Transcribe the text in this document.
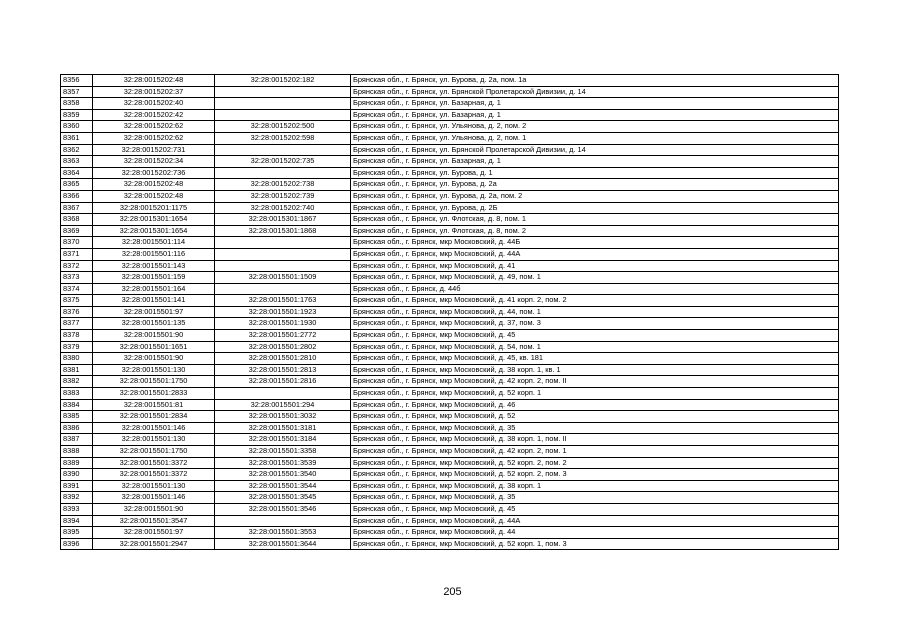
8356	32:28:0015202:48	32:28:0015202:182	Брянская обл., г. Брянск, ул. Бурова, д. 2а, пом. 1а
8357	32:28:0015202:37		Брянская обл., г. Брянск, ул. Брянской Пролетарской Дивизии, д. 14
8358	32:28:0015202:40		Брянская обл., г. Брянск, ул. Базарная, д. 1
8359	32:28:0015202:42		Брянская обл., г. Брянск, ул. Базарная, д. 1
8360	32:28:0015202:62	32:28:0015202:500	Брянская обл., г. Брянск, ул. Ульянова, д. 2, пом. 2
8361	32:28:0015202:62	32:28:0015202:598	Брянская обл., г. Брянск, ул. Ульянова, д. 2, пом. 1
8362	32:28:0015202:731		Брянская обл., г. Брянск, ул. Брянской Пролетарской Дивизии, д. 14
8363	32:28:0015202:34	32:28:0015202:735	Брянская обл., г. Брянск, ул. Базарная, д. 1
8364	32:28:0015202:736		Брянская обл., г. Брянск, ул. Бурова, д. 1
8365	32:28:0015202:48	32:28:0015202:738	Брянская обл., г. Брянск, ул. Бурова, д. 2а
8366	32:28:0015202:48	32:28:0015202:739	Брянская обл., г. Брянск, ул. Бурова, д. 2а, пом. 2
8367	32:28:0015201:1175	32:28:0015202:740	Брянская обл., г. Брянск, ул. Бурова, д. 2Б
8368	32:28:0015301:1654	32:28:0015301:1867	Брянская обл., г. Брянск, ул. Флотская, д. 8, пом. 1
8369	32:28:0015301:1654	32:28:0015301:1868	Брянская обл., г. Брянск, ул. Флотская, д. 8, пом. 2
8370	32:28:0015501:114		Брянская обл., г. Брянск, мкр Московский, д. 44Б
8371	32:28:0015501:116		Брянская обл., г. Брянск, мкр Московский, д. 44А
8372	32:28:0015501:143		Брянская обл., г. Брянск, мкр Московский, д. 41
8373	32:28:0015501:159	32:28:0015501:1509	Брянская обл., г. Брянск, мкр Московский, д. 49, пом. 1
8374	32:28:0015501:164		Брянская обл., г. Брянск, д. 44б
8375	32:28:0015501:141	32:28:0015501:1763	Брянская обл., г. Брянск, мкр Московский, д. 41 корп. 2, пом. 2
8376	32:28:0015501:97	32:28:0015501:1923	Брянская обл., г. Брянск, мкр Московский, д. 44, пом. 1
8377	32:28:0015501:135	32:28:0015501:1930	Брянская обл., г. Брянск, мкр Московский, д. 37, пом. 3
8378	32:28:0015501:90	32:28:0015501:2772	Брянская обл., г. Брянск, мкр Московский, д. 45
8379	32:28:0015501:1651	32:28:0015501:2802	Брянская обл., г. Брянск, мкр Московский, д. 54, пом. 1
8380	32:28:0015501:90	32:28:0015501:2810	Брянская обл., г. Брянск, мкр Московский, д. 45, кв. 181
8381	32:28:0015501:130	32:28:0015501:2813	Брянская обл., г. Брянск, мкр Московский, д. 38 корп. 1, кв. 1
8382	32:28:0015501:1750	32:28:0015501:2816	Брянская обл., г. Брянск, мкр Московский, д. 42 корп. 2, пом. II
8383	32:28:0015501:2833		Брянская обл., г. Брянск, мкр Московский, д. 52 корп. 1
8384	32:28:0015501:81	32:28:0015501:294	Брянская обл., г. Брянск, мкр Московский, д. 46
8385	32:28:0015501:2834	32:28:0015501:3032	Брянская обл., г. Брянск, мкр Московский, д. 52
8386	32:28:0015501:146	32:28:0015501:3181	Брянская обл., г. Брянск, мкр Московский, д. 35
8387	32:28:0015501:130	32:28:0015501:3184	Брянская обл., г. Брянск, мкр Московский, д. 38 корп. 1, пом. II
8388	32:28:0015501:1750	32:28:0015501:3358	Брянская обл., г. Брянск, мкр Московский, д. 42 корп. 2, пом. 1
8389	32:28:0015501:3372	32:28:0015501:3539	Брянская обл., г. Брянск, мкр Московский, д. 52 корп. 2, пом. 2
8390	32:28:0015501:3372	32:28:0015501:3540	Брянская обл., г. Брянск, мкр Московский, д. 52 корп. 2, пом. 3
8391	32:28:0015501:130	32:28:0015501:3544	Брянская обл., г. Брянск, мкр Московский, д. 38 корп. 1
8392	32:28:0015501:146	32:28:0015501:3545	Брянская обл., г. Брянск, мкр Московский, д. 35
8393	32:28:0015501:90	32:28:0015501:3546	Брянская обл., г. Брянск, мкр Московский, д. 45
8394	32:28:0015501:3547		Брянская обл., г. Брянск, мкр Московский, д. 44А
8395	32:28:0015501:97	32:28:0015501:3553	Брянская обл., г. Брянск, мкр Московский, д. 44
8396	32:28:0015501:2947	32:28:0015501:3644	Брянская обл., г. Брянск, мкр Московский, д. 52 корп. 1, пом. 3
205
